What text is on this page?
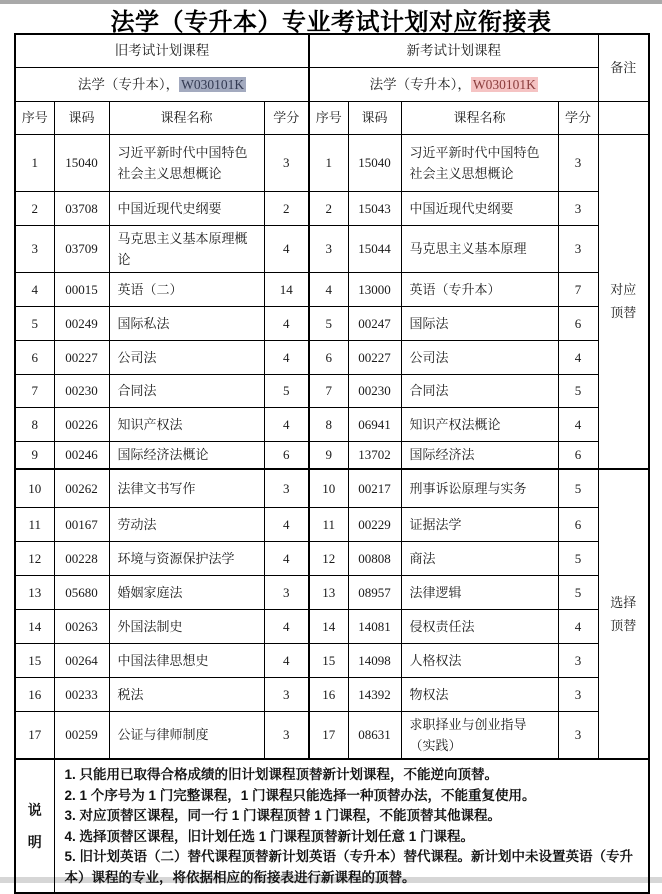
法学（专升本）专业考试计划对应衔接表
旧考试计划课程				新考试计划课程				备注
法学（专升本）， W030101K				法学（专升本）， W030101K				
序号	课码	课程名称	学分	序号	课码	课程名称	学分	
1	15040	习近平新时代中国特色社会主义思想概论	3	1	15040	习近平新时代中国特色社会主义思想概论	3	对应顶替
2	03708	中国近现代史纲要	2	2	15043	中国近现代史纲要	3	
3	03709	马克思主义基本原理概论	4	3	15044	马克思主义基本原理	3	
4	00015	英语（二）	14	4	13000	英语（专升本）	7	
5	00249	国际私法	4	5	00247	国际法	6	
6	00227	公司法	4	6	00227	公司法	4	
7	00230	合同法	5	7	00230	合同法	5	
8	00226	知识产权法	4	8	06941	知识产权法概论	4	
9	00246	国际经济法概论	6	9	13702	国际经济法	6	
10	00262	法律文书写作	3	10	00217	刑事诉讼原理与实务	5	选择顶替
11	00167	劳动法	4	11	00229	证据法学	6	
12	00228	环境与资源保护法学	4	12	00808	商法	5	
13	05680	婚姻家庭法	3	13	08957	法律逻辑	5	
14	00263	外国法制史	4	14	14081	侵权责任法	4	
15	00264	中国法律思想史	4	15	14098	人格权法	3	
16	00233	税法	3	16	14392	物权法	3	
17	00259	公证与律师制度	3	17	08631	求职择业与创业指导（实践）	3	
说明	1. 只能用已取得合格成绩的旧计划课程顶替新计划课程，不能逆向顶替。
2. 1 个序号为 1 门完整课程，1 门课程只能选择一种顶替办法，不能重复使用。
3. 对应顶替区课程，同一行 1 门课程顶替 1 门课程，不能顶替其他课程。
4. 选择顶替区课程，旧计划任选 1 门课程顶替新计划任意 1 门课程。
5. 旧计划英语（二）替代课程顶替新计划英语（专升本）替代课程。新计划中未设置英语（专升本）课程的专业，将依据相应的衔接表进行新课程的顶替。							
